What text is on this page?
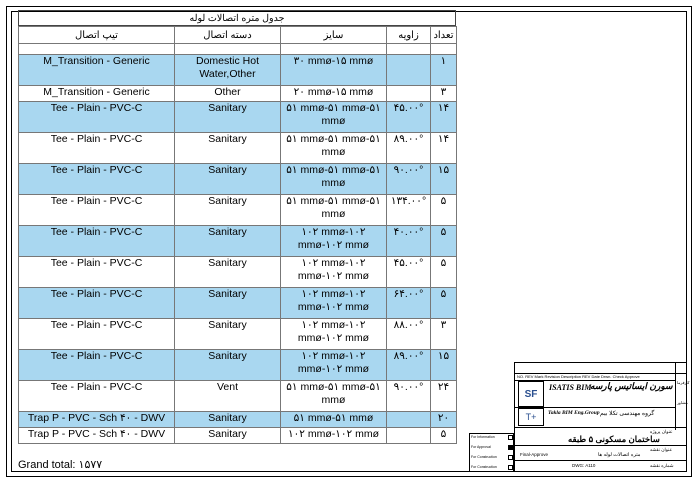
جدول متره اتصالات لوله
تیپ اتصال	دسته اتصال	سایز	زاویه	تعداد

M_Transition - Generic	Domestic Hot Water,Other	۳۰ mmø-۱۵ mmø		۱
M_Transition - Generic	Other	۲۰ mmø-۱۵ mmø		۳
Tee - Plain - PVC-C	Sanitary	۵۱ mmø-۵۱ mmø-۵۱ mmø	۴۵.۰۰°	۱۴
Tee - Plain - PVC-C	Sanitary	۵۱ mmø-۵۱ mmø-۵۱ mmø	۸۹.۰۰°	۱۴
Tee - Plain - PVC-C	Sanitary	۵۱ mmø-۵۱ mmø-۵۱ mmø	۹۰.۰۰°	۱۵
Tee - Plain - PVC-C	Sanitary	۵۱ mmø-۵۱ mmø-۵۱ mmø	۱۳۴.۰۰°	۵
Tee - Plain - PVC-C	Sanitary	۱۰۲ mmø-۱۰۲ mmø-۱۰۲ mmø	۴۰.۰۰°	۵
Tee - Plain - PVC-C	Sanitary	۱۰۲ mmø-۱۰۲ mmø-۱۰۲ mmø	۴۵.۰۰°	۵
Tee - Plain - PVC-C	Sanitary	۱۰۲ mmø-۱۰۲ mmø-۱۰۲ mmø	۶۴.۰۰°	۵
Tee - Plain - PVC-C	Sanitary	۱۰۲ mmø-۱۰۲ mmø-۱۰۲ mmø	۸۸.۰۰°	۳
Tee - Plain - PVC-C	Sanitary	۱۰۲ mmø-۱۰۲ mmø-۱۰۲ mmø	۸۹.۰۰°	۱۵
Tee - Plain - PVC-C	Vent	۵۱ mmø-۵۱ mmø-۵۱ mmø	۹۰.۰۰°	۲۴
Trap P - PVC - Sch ۴۰ - DWV	Sanitary	۵۱ mmø-۵۱ mmø		۲۰
Trap P - PVC - Sch ۴۰ - DWV	Sanitary	۱۰۲ mmø-۱۰۲ mmø		۵
Grand total: ۱۵۷۷
NO. REV Mark Revision Description REV Date Drwn. Check Approve
کارفرما
مشاور
SF
ISATIS BIM
سورن ایساتیس پارسه
T+	Takla BIM Eng.Group گروه مهندسی تکلا بیم
عنوان پروژه
ساختمان مسکونی ۵ طبقه
عنوان نقشه
متره اتصالات لوله ها
DWG: A110	شماره نقشه
Final-Approve
For Information
For Approval
For Construction
For Construction
